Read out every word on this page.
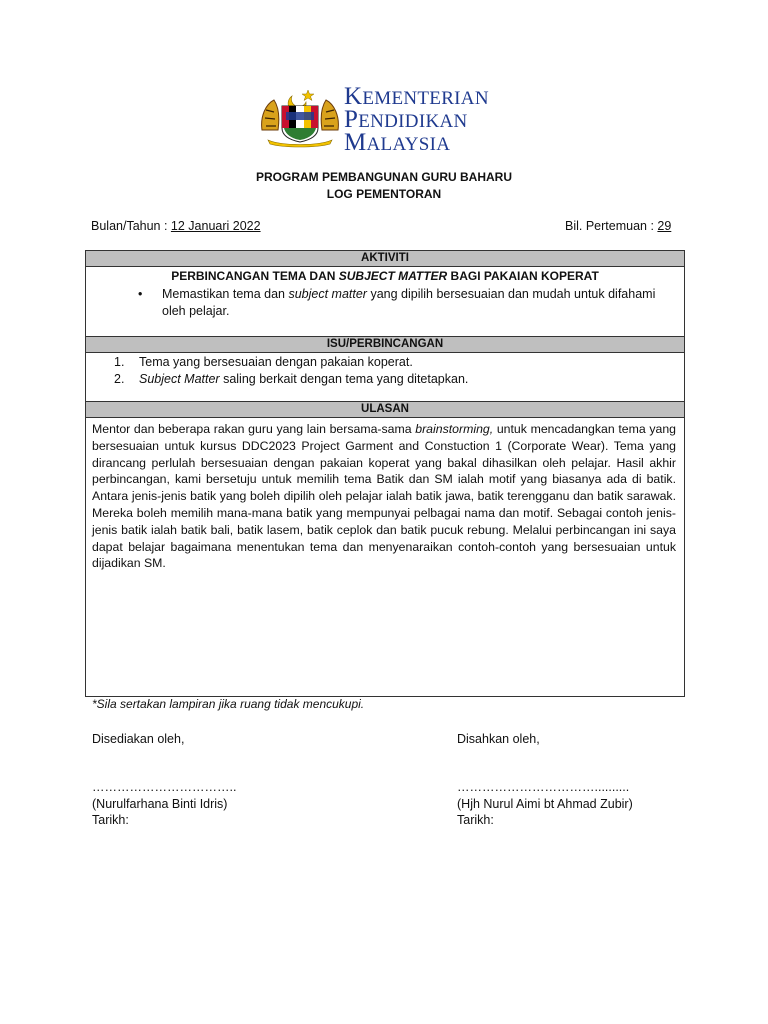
KEMENTERIAN
PENDIDIKAN
MALAYSIA
PROGRAM PEMBANGUNAN GURU BAHARU
LOG PEMENTORAN
Bulan/Tahun : 12 Januari 2022	Bil. Pertemuan : 29
AKTIVITI
PERBINCANGAN TEMA DAN SUBJECT MATTER BAGI PAKAIAN KOPERAT
• Memastikan tema dan subject matter yang dipilih bersesuaian dan mudah untuk difahami oleh pelajar.
ISU/PERBINCANGAN
1. Tema yang bersesuaian dengan pakaian koperat.
2. Subject Matter saling berkait dengan tema yang ditetapkan.
ULASAN
Mentor dan beberapa rakan guru yang lain bersama-sama brainstorming, untuk mencadangkan tema yang bersesuaian untuk kursus DDC2023 Project Garment and Constuction 1 (Corporate Wear). Tema yang dirancang perlulah bersesuaian dengan pakaian koperat yang bakal dihasilkan oleh pelajar. Hasil akhir perbincangan, kami bersetuju untuk memilih tema Batik dan SM ialah motif yang biasanya ada di batik. Antara jenis-jenis batik yang boleh dipilih oleh pelajar ialah batik jawa, batik terengganu dan batik sarawak. Mereka boleh memilih mana-mana batik yang mempunyai pelbagai nama dan motif. Sebagai contoh jenis-jenis batik ialah batik bali, batik lasem, batik ceplok dan batik pucuk rebung. Melalui perbincangan ini saya dapat belajar bagaimana menentukan tema dan menyenaraikan contoh-contoh yang bersesuaian untuk dijadikan SM.
*Sila sertakan lampiran jika ruang tidak mencukupi.
Disediakan oleh,
……………………………..
(Nurulfarhana Binti Idris)
Tarikh:
Disahkan oleh,
……………………………..........
(Hjh Nurul Aimi bt Ahmad Zubir)
Tarikh:
